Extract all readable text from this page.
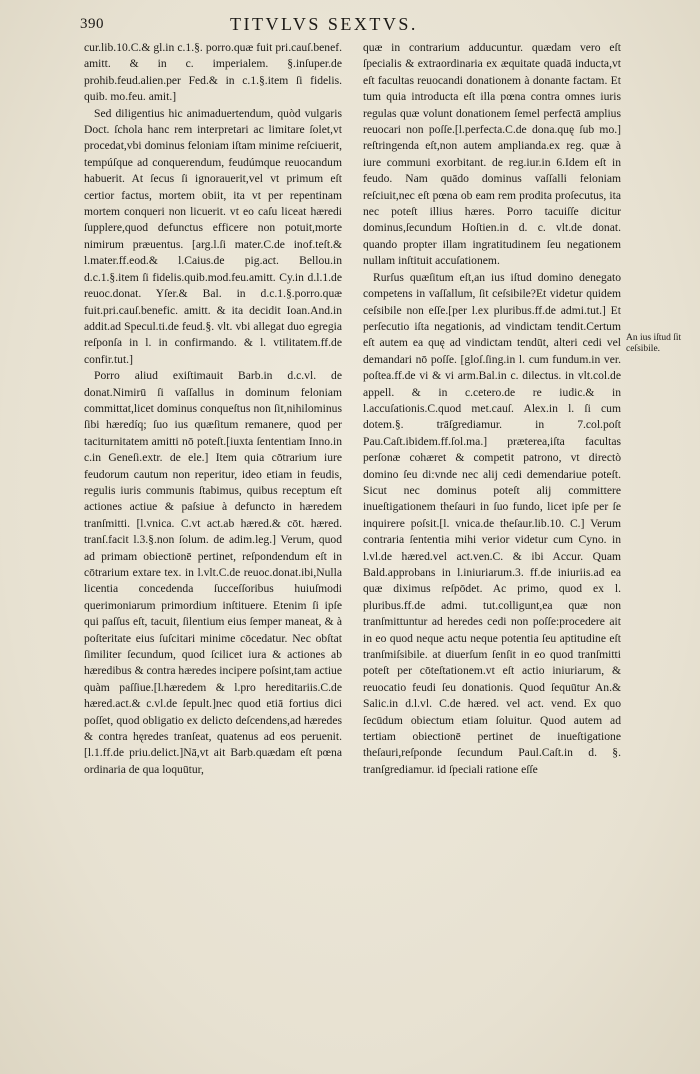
390	TITVLVS SEXTVS.

cur.lib.10.C.& gl.in c.1.§. porro.quæ fuit pri.cauſ.benef. amitt. & in c. imperialem. §.inſuper.de prohib.feud.alien.per Fed.& in c.1.§.item ſi fidelis. quib. mo.feu. amit.]

Sed diligentius hic animaduertendum, quòd vulgaris Doct. ſchola hanc rem interpretari ac limitare ſolet,vt procedat,vbi dominus feloniam iſtam minime reſciuerit, tempúſque ad conquerendum, feudúmque reuocandum habuerit. At ſecus ſi ignorauerit,vel vt primum eſt certior factus, mortem obiit, ita vt per repentinam mortem conqueri non licuerit. vt eo caſu liceat hæredi ſupplere,quod defunctus efficere non potuit,morte nimirum præuentus. [arg.l.ſi mater.C.de inof.teſt.& l.mater.ff.eod.& l.Caius.de pig.act. Bellou.in d.c.1.§.item ſi fidelis.quib.mod.feu.amitt. Cy.in d.l.1.de reuoc.donat. Yſer.& Bal. in d.c.1.§.porro.quæ fuit.pri.cauſ.benefic. amitt. & ita decidit Ioan.And.in addit.ad Specul.ti.de feud.§. vlt. vbi allegat duo egregia reſponſa in l. in confirmando. & l. vtilitatem.ff.de confir.tut.]

Porro aliud exiſtimauit Barb.in d.c.vl. de donat.Nimirū ſi vaſſallus in dominum feloniam committat,licet dominus conqueſtus non ſit,nihilominus ſibi hæredíq; ſuo ius quæſitum remanere, quod per taciturnitatem amitti nō poteſt.[iuxta ſententiam Inno.in c.in Geneſi.extr. de ele.] Item quia cōtrarium iure feudorum cautum non reperitur, ideo etiam in feudis, regulis iuris communis ſtabimus, quibus receptum eſt actiones actiue & paſsiue à defuncto in hæredem tranſmitti. [l.vnica. C.vt act.ab hæred.& cōt. hæred. tranſ.facit l.3.§.non ſolum. de adim.leg.] Verum, quod ad primam obiectionē pertinet, reſpondendum eſt in cōtrarium extare tex. in l.vlt.C.de reuoc.donat.ibi,Nulla licentia concedenda ſucceſſoribus huiuſmodi querimoniarum primordium inſtituere. Etenim ſi ipſe qui paſſus eſt, tacuit, ſilentium eius ſemper maneat, & à poſteritate eius ſuſcitari minime cōcedatur. Nec obſtat ſimiliter ſecundum, quod ſcilicet iura & actiones ab hæredibus & contra hæredes incipere poſsint,tam actiue quàm paſſiue.[l.hæredem & l.pro hereditariis.C.de hæred.act.& c.vl.de ſepult.]nec quod etiā fortius dici poſſet, quod obligatio ex delicto deſcendens,ad hæredes & contra hęredes tranſeat, quatenus ad eos peruenit. [l.1.ff.de priu.delict.]Nā,vt ait Barb.quædam eſt pœna ordinaria de qua loquūtur,

quæ in contrarium adducuntur. quædam vero eſt ſpecialis & extraordinaria ex æquitate quadā inducta,vt eſt facultas reuocandi donationem à donante factam. Et tum quia introducta eſt illa pœna contra omnes iuris regulas quæ volunt donationem ſemel perfectā amplius reuocari non poſſe.[l.perfecta.C.de dona.quę ſub mo.] reſtringenda eſt,non autem amplianda.ex reg. quæ à iure communi exorbitant. de reg.iur.in 6.Idem eſt in feudo. Nam quādo dominus vaſſalli feloniam reſciuit,nec eſt pœna ob eam rem prodita proſecutus, ita nec poteſt illius hæres. Porro tacuiſſe dicitur dominus,ſecundum Hoſtien.in d. c. vlt.de donat. quando propter illam ingratitudinem ſeu negationem nullam inſtituit accuſationem.

Rurſus quæſitum eſt,an ius iſtud domino denegato competens in vaſſallum, ſit ceſsibile?Et videtur quidem ceſsibile non eſſe.[per l.ex pluribus.ff.de admi.tut.] Et perſecutio iſta negationis, ad vindictam tendit.Certum eſt autem ea quę ad vindictam tendūt, alteri cedi vel demandari nō poſſe. [gloſ.ſing.in l. cum fundum.in ver. poſtea.ff.de vi & vi arm.Bal.in c. dilectus. in vlt.col.de appell. & in c.cetero.de re iudic.& in l.accuſationis.C.quod met.cauſ. Alex.in l. ſi cum dotem.§. trāſgrediamur. in 7.col.poſt Pau.Caſt.ibidem.ff.ſol.ma.] præterea,iſta facultas perſonæ cohæret & competit patrono, vt directò domino ſeu di:vnde nec alij cedi demendariue poteſt. Sicut nec dominus poteſt alij committere inueſtigationem theſauri in ſuo fundo, licet ipſe per ſe inquirere poſsit.[l. vnica.de theſaur.lib.10. C.] Verum contraria ſententia mihi verior videtur cum Cyno. in l.vl.de hæred.vel act.ven.C. & ibi Accur. Quam Bald.approbans in l.iniuriarum.3. ff.de iniuriis.ad ea quæ diximus reſpōdet. Ac primo, quod ex l. pluribus.ff.de admi. tut.colligunt,ea quæ non tranſmittuntur ad heredes cedi non poſſe:procedere ait in eo quod neque actu neque potentia ſeu aptitudine eſt tranſmiſsibile. at diuerſum ſenſit in eo quod tranſmitti poteſt per cōteſtationem.vt eſt actio iniuriarum, & reuocatio feudi ſeu donationis. Quod ſequūtur An.& Salic.in d.l.vl. C.de hæred. vel act. vend. Ex quo ſecūdum obiectum etiam ſoluitur. Quod autem ad tertiam obiectionē pertinet de inueſtigatione theſauri,reſponde ſecundum Paul.Caſt.in d. §. tranſgrediamur. id ſpeciali ratione eſſe

An ius iſtud ſit ceſsibile.
